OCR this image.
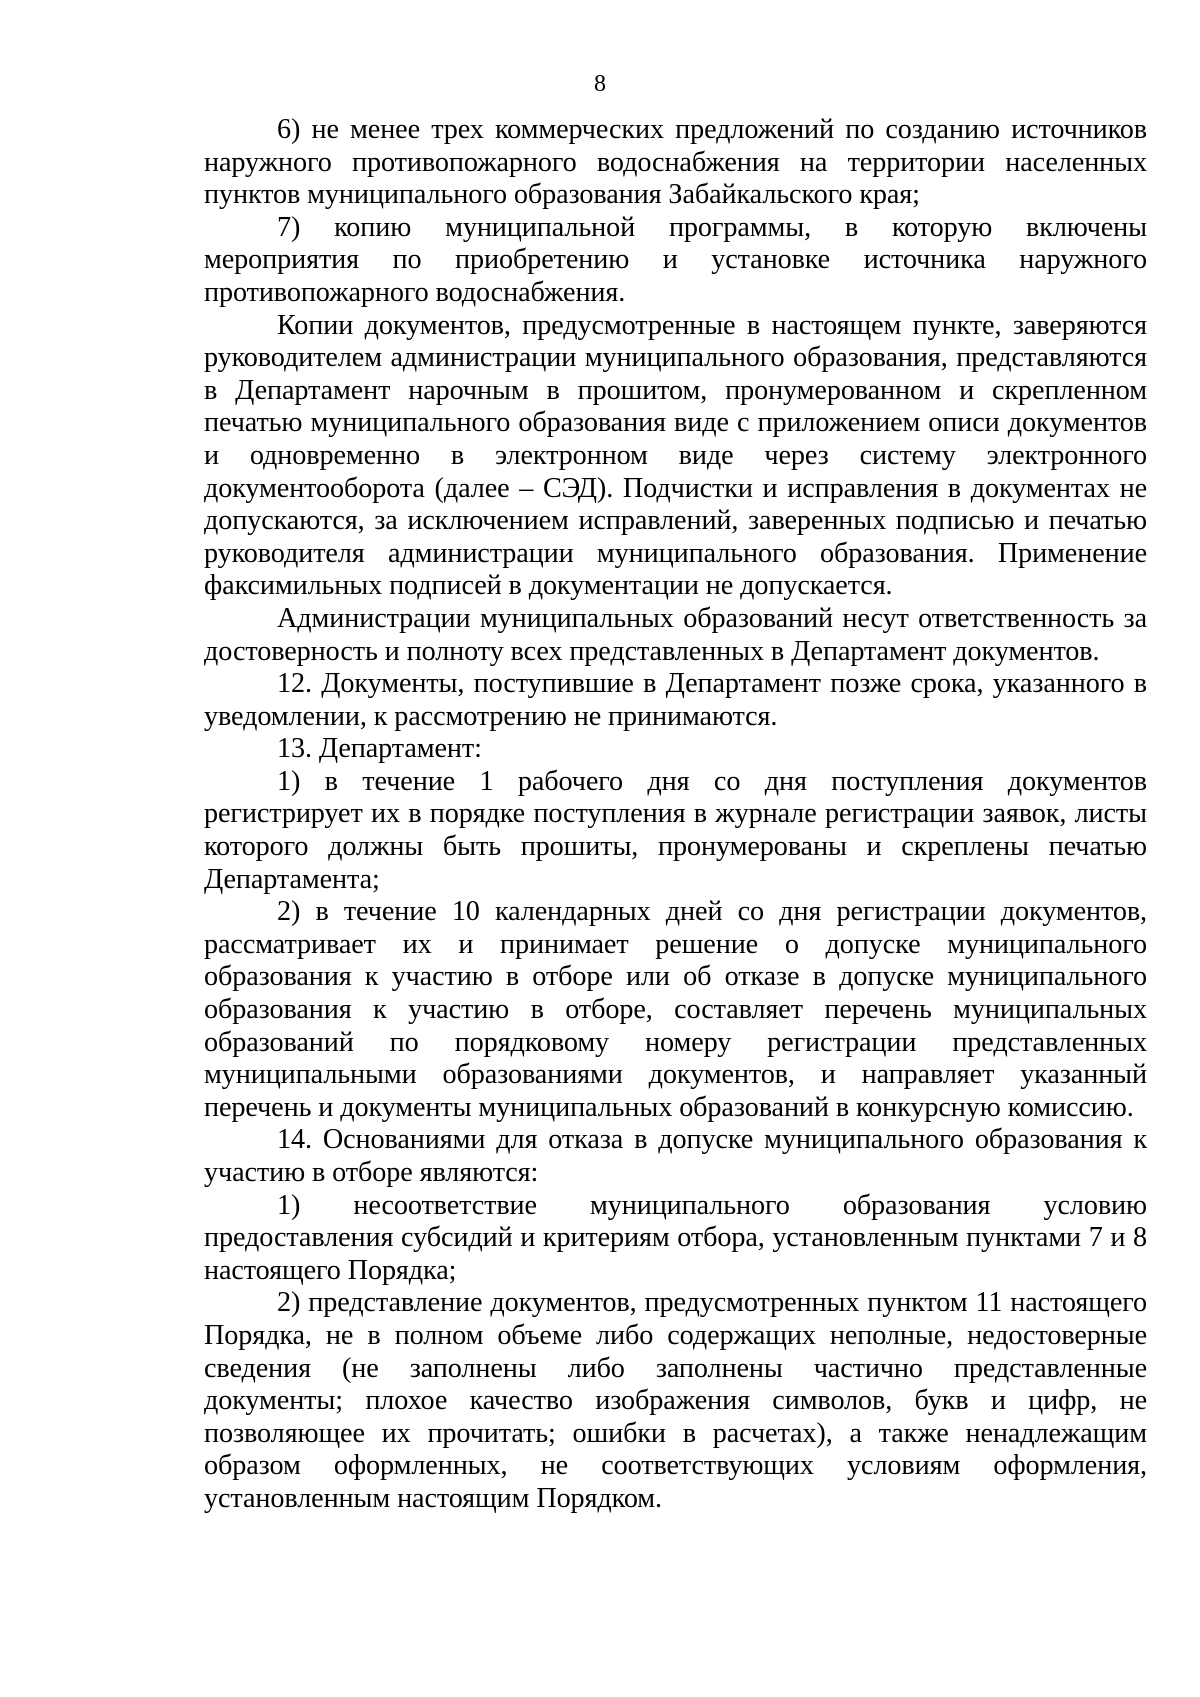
8

6) не менее трех коммерческих предложений по созданию источников наружного противопожарного водоснабжения на территории населенных пунктов муниципального образования Забайкальского края;

7) копию муниципальной программы, в которую включены мероприятия по приобретению и установке источника наружного противопожарного водоснабжения.

Копии документов, предусмотренные в настоящем пункте, заверяются руководителем администрации муниципального образования, представляются в Департамент нарочным в прошитом, пронумерованном и скрепленном печатью муниципального образования виде с приложением описи документов и одновременно в электронном виде через систему электронного документооборота (далее – СЭД). Подчистки и исправления в документах не допускаются, за исключением исправлений, заверенных подписью и печатью руководителя администрации муниципального образования. Применение факсимильных подписей в документации не допускается.

Администрации муниципальных образований несут ответственность за достоверность и полноту всех представленных в Департамент документов.

12. Документы, поступившие в Департамент позже срока, указанного в уведомлении, к рассмотрению не принимаются.

13. Департамент:

1) в течение 1 рабочего дня со дня поступления документов регистрирует их в порядке поступления в журнале регистрации заявок, листы которого должны быть прошиты, пронумерованы и скреплены печатью Департамента;

2) в течение 10 календарных дней со дня регистрации документов, рассматривает их и принимает решение о допуске муниципального образования к участию в отборе или об отказе в допуске муниципального образования к участию в отборе, составляет перечень муниципальных образований по порядковому номеру регистрации представленных муниципальными образованиями документов, и направляет указанный перечень и документы муниципальных образований в конкурсную комиссию.

14. Основаниями для отказа в допуске муниципального образования к участию в отборе являются:

1) несоответствие муниципального образования условию предоставления субсидий и критериям отбора, установленным пунктами 7 и 8 настоящего Порядка;

2) представление документов, предусмотренных пунктом 11 настоящего Порядка, не в полном объеме либо содержащих неполные, недостоверные сведения (не заполнены либо заполнены частично представленные документы; плохое качество изображения символов, букв и цифр, не позволяющее их прочитать; ошибки в расчетах), а также ненадлежащим образом оформленных, не соответствующих условиям оформления, установленным настоящим Порядком.
